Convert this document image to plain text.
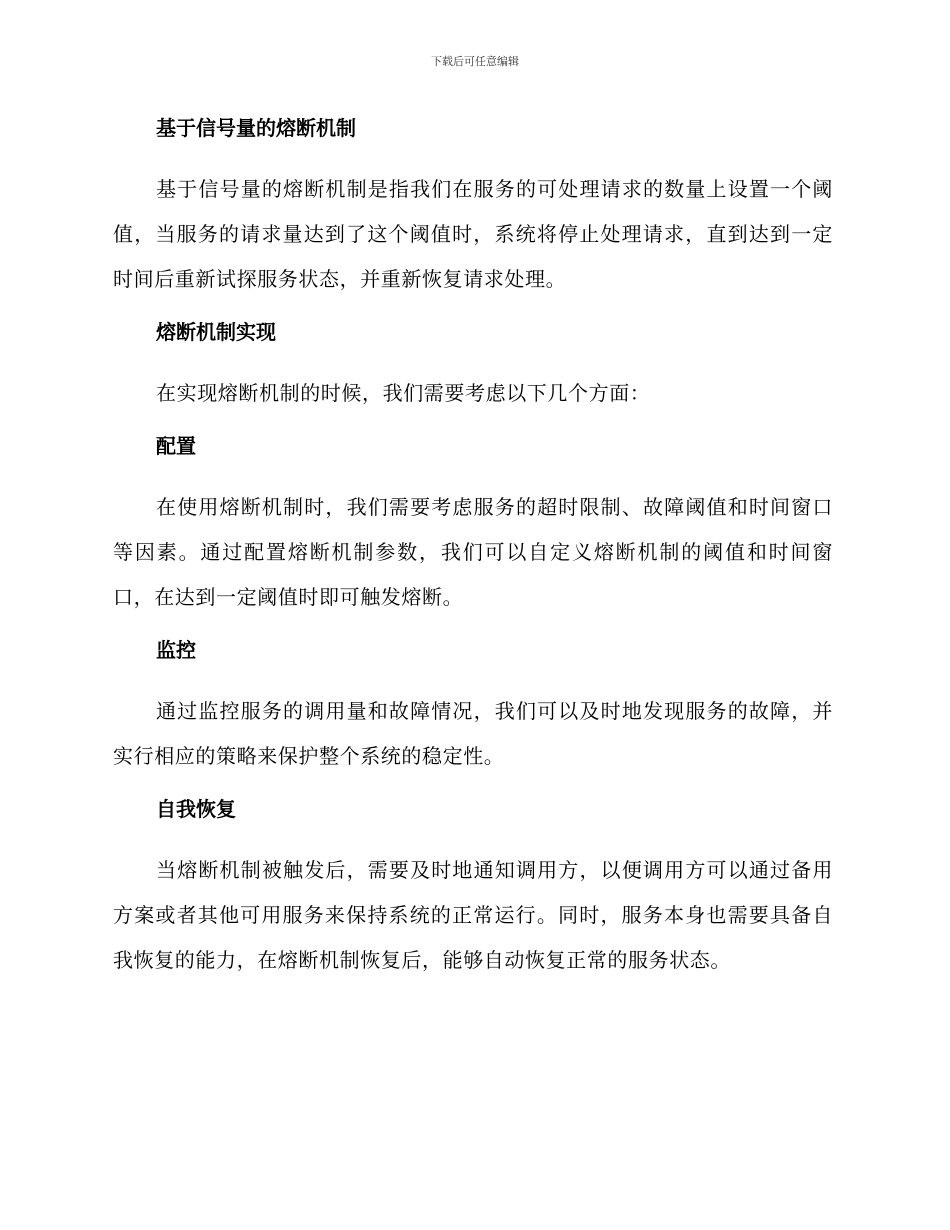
下载后可任意编辑
基于信号量的熔断机制

基于信号量的熔断机制是指我们在服务的可处理请求的数量上设置一个阈值，当服务的请求量达到了这个阈值时，系统将停止处理请求，直到达到一定时间后重新试探服务状态，并重新恢复请求处理。

熔断机制实现

在实现熔断机制的时候，我们需要考虑以下几个方面：

配置

在使用熔断机制时，我们需要考虑服务的超时限制、故障阈值和时间窗口等因素。通过配置熔断机制参数，我们可以自定义熔断机制的阈值和时间窗口，在达到一定阈值时即可触发熔断。

监控

通过监控服务的调用量和故障情况，我们可以及时地发现服务的故障，并实行相应的策略来保护整个系统的稳定性。

自我恢复

当熔断机制被触发后，需要及时地通知调用方，以便调用方可以通过备用方案或者其他可用服务来保持系统的正常运行。同时，服务本身也需要具备自我恢复的能力，在熔断机制恢复后，能够自动恢复正常的服务状态。
